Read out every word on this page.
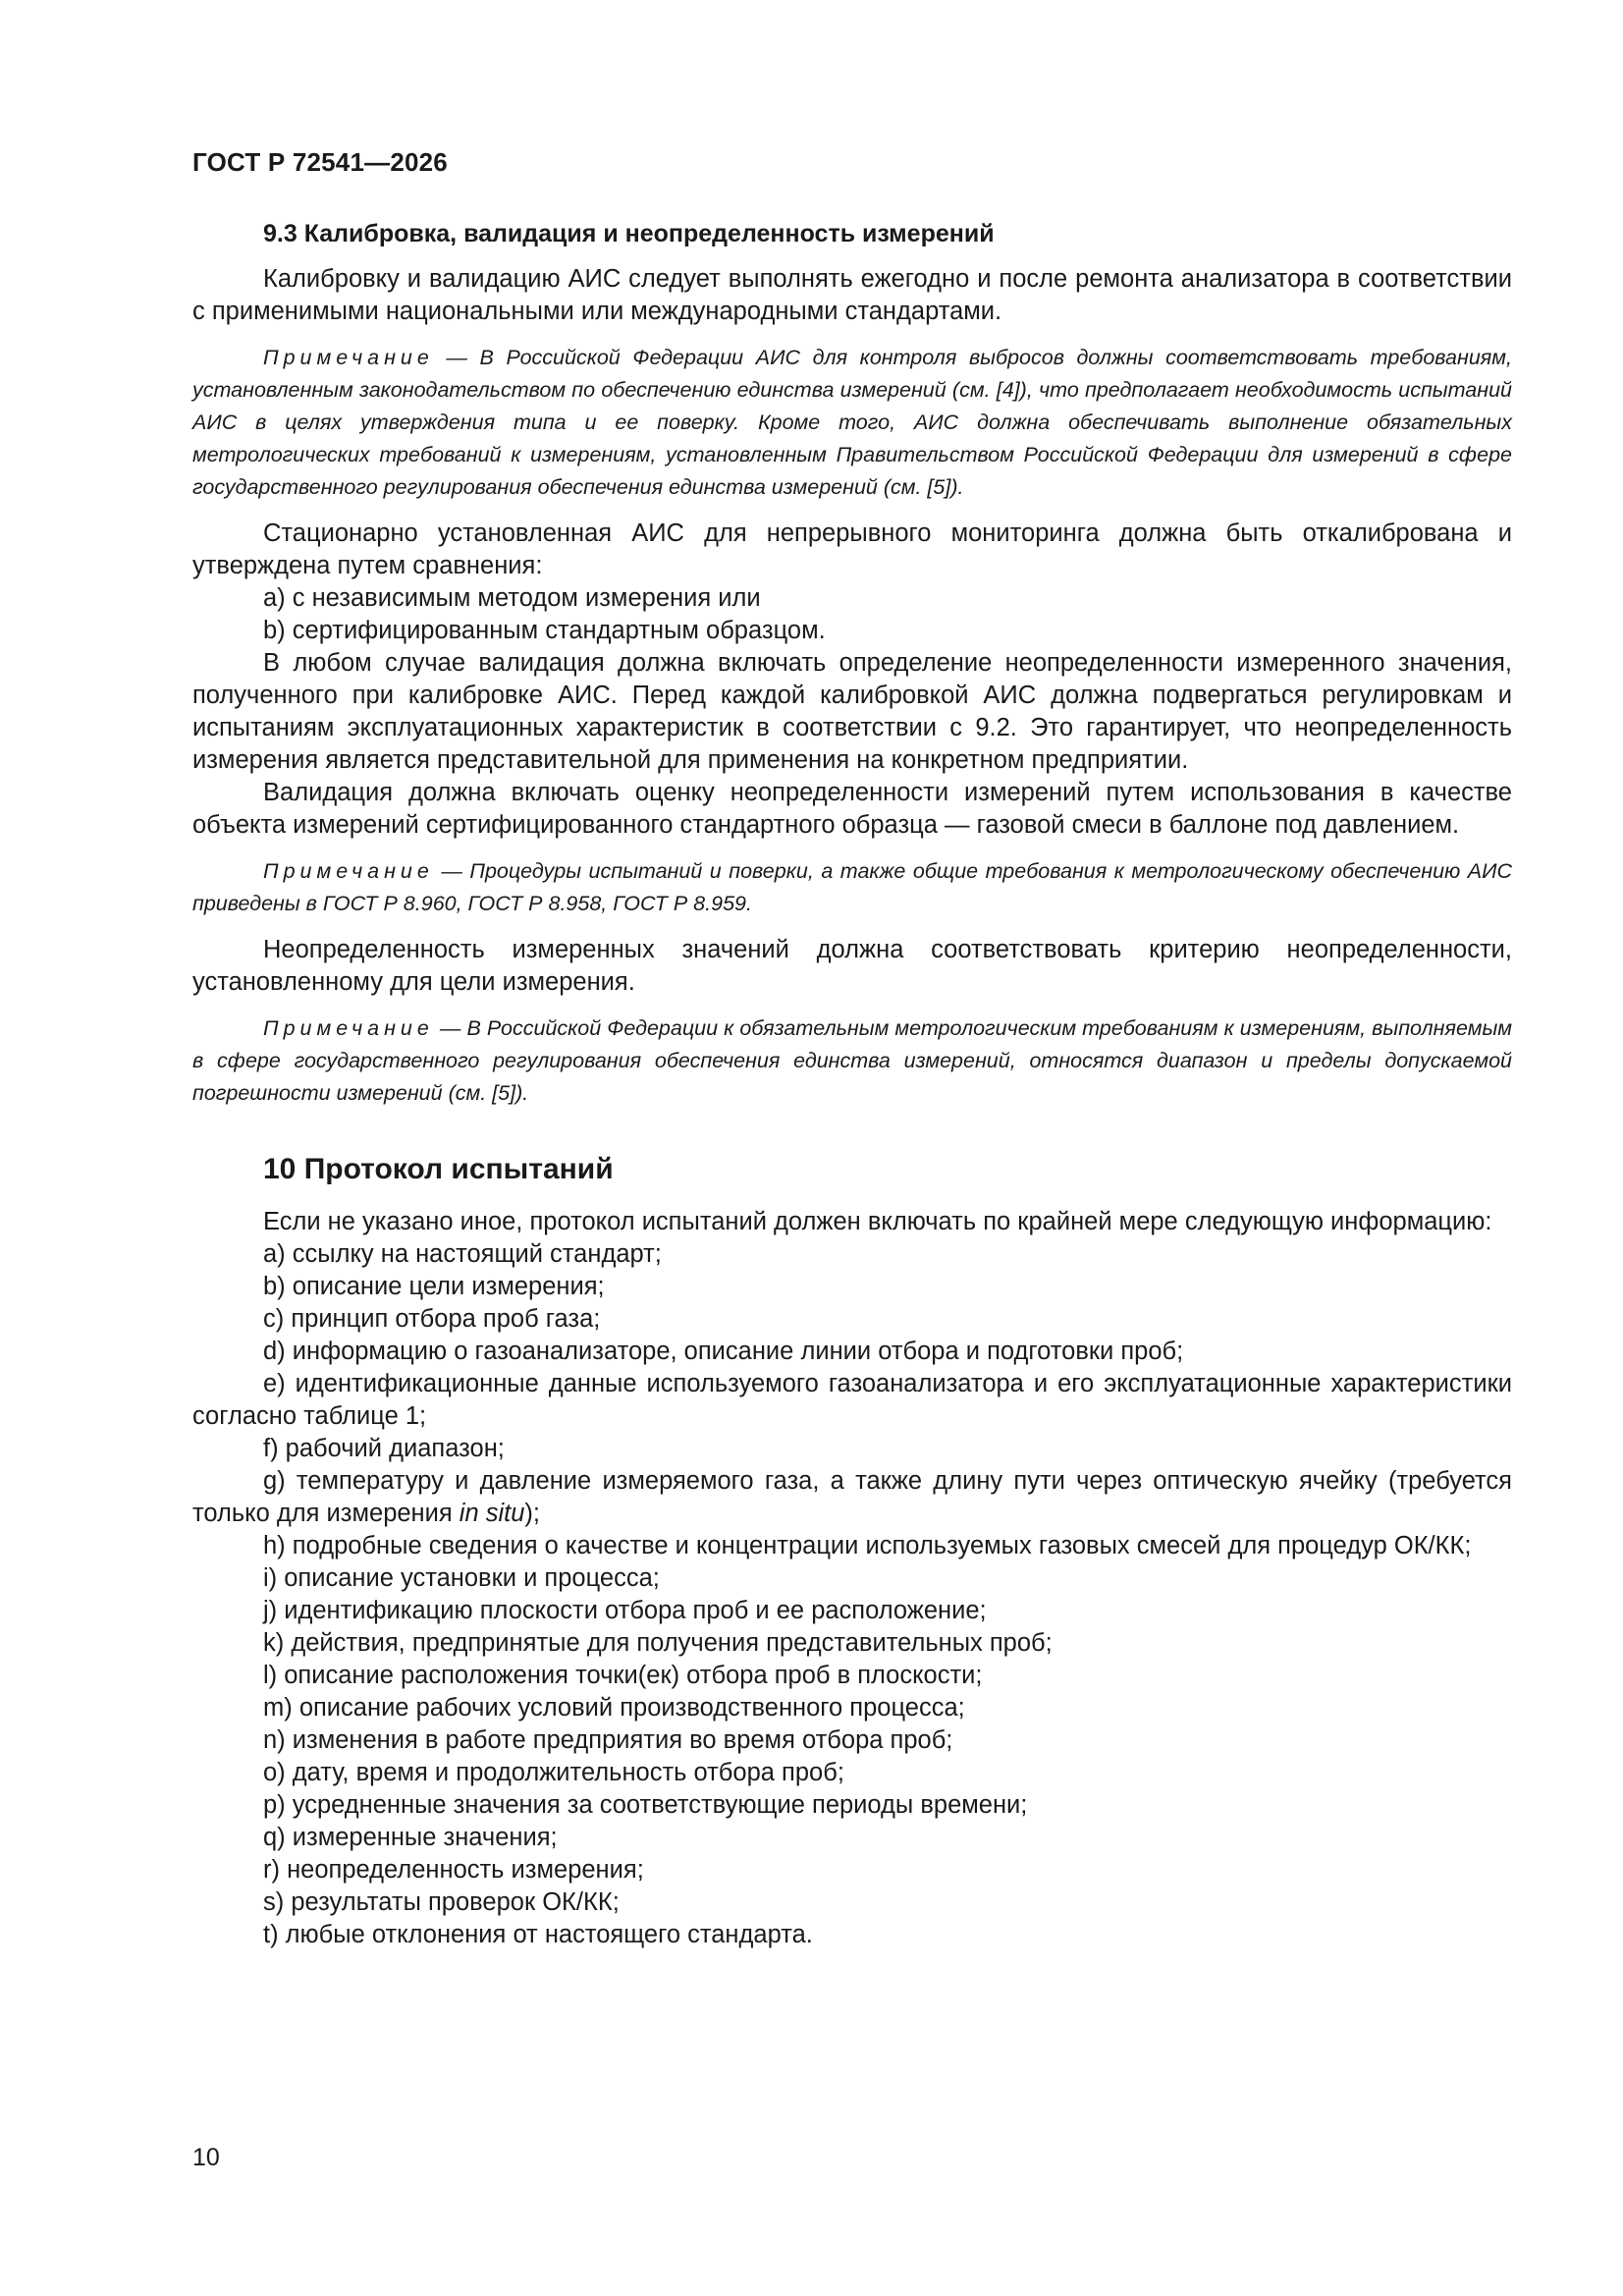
ГОСТ Р 72541—2026
9.3 Калибровка, валидация и неопределенность измерений

Калибровку и валидацию АИС следует выполнять ежегодно и после ремонта анализатора в соответствии с применимыми национальными или международными стандартами.

Примечание — В Российской Федерации АИС для контроля выбросов должны соответствовать требованиям, установленным законодательством по обеспечению единства измерений (см. [4]), что предполагает необходимость испытаний АИС в целях утверждения типа и ее поверку. Кроме того, АИС должна обеспечивать выполнение обязательных метрологических требований к измерениям, установленным Правительством Российской Федерации для измерений в сфере государственного регулирования обеспечения единства измерений (см. [5]).

Стационарно установленная АИС для непрерывного мониторинга должна быть откалибрована и утверждена путем сравнения:

a) с независимым методом измерения или

b) сертифицированным стандартным образцом.

В любом случае валидация должна включать определение неопределенности измеренного значения, полученного при калибровке АИС. Перед каждой калибровкой АИС должна подвергаться регулировкам и испытаниям эксплуатационных характеристик в соответствии с 9.2. Это гарантирует, что неопределенность измерения является представительной для применения на конкретном предприятии.

Валидация должна включать оценку неопределенности измерений путем использования в качестве объекта измерений сертифицированного стандартного образца — газовой смеси в баллоне под давлением.

Примечание — Процедуры испытаний и поверки, а также общие требования к метрологическому обеспечению АИС приведены в ГОСТ Р 8.960, ГОСТ Р 8.958, ГОСТ Р 8.959.

Неопределенность измеренных значений должна соответствовать критерию неопределенности, установленному для цели измерения.

Примечание — В Российской Федерации к обязательным метрологическим требованиям к измерениям, выполняемым в сфере государственного регулирования обеспечения единства измерений, относятся диапазон и пределы допускаемой погрешности измерений (см. [5]).

10 Протокол испытаний

Если не указано иное, протокол испытаний должен включать по крайней мере следующую информацию:

a) ссылку на настоящий стандарт;

b) описание цели измерения;

c) принцип отбора проб газа;

d) информацию о газоанализаторе, описание линии отбора и подготовки проб;

e) идентификационные данные используемого газоанализатора и его эксплуатационные характеристики согласно таблице 1;

f) рабочий диапазон;

g) температуру и давление измеряемого газа, а также длину пути через оптическую ячейку (требуется только для измерения in situ);

h) подробные сведения о качестве и концентрации используемых газовых смесей для процедур ОК/КК;

i) описание установки и процесса;

j) идентификацию плоскости отбора проб и ее расположение;

k) действия, предпринятые для получения представительных проб;

l) описание расположения точки(ек) отбора проб в плоскости;

m) описание рабочих условий производственного процесса;

n) изменения в работе предприятия во время отбора проб;

o) дату, время и продолжительность отбора проб;

p) усредненные значения за соответствующие периоды времени;

q) измеренные значения;

r) неопределенность измерения;

s) результаты проверок ОК/КК;

t) любые отклонения от настоящего стандарта.

10
